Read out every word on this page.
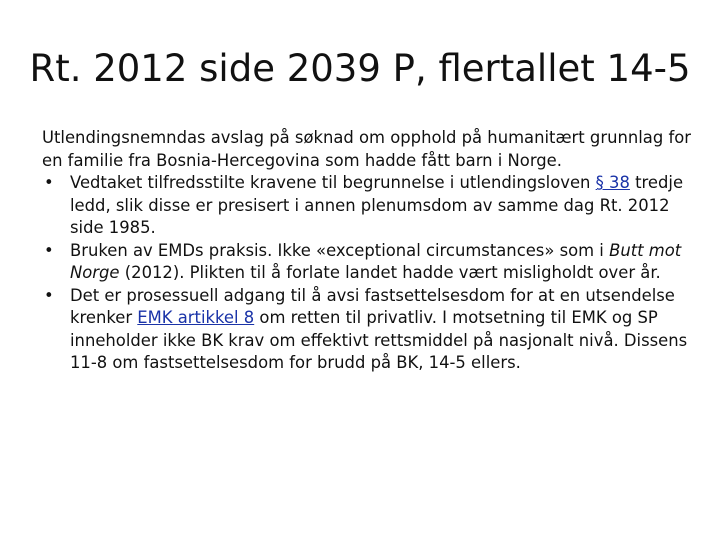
Rt. 2012 side 2039 P, flertallet 14-5

Utlendingsnemndas avslag på søknad om opphold på humanitært grunnlag for en familie fra Bosnia-Hercegovina som hadde fått barn i Norge.

• Vedtaket tilfredsstilte kravene til begrunnelse i utlendingsloven § 38 tredje ledd, slik disse er presisert i annen plenumsdom av samme dag Rt. 2012 side 1985.
• Bruken av EMDs praksis. Ikke «exceptional circumstances» som i Butt mot Norge (2012). Plikten til å forlate landet hadde vært misligholdt over år.
• Det er prosessuell adgang til å avsi fastsettelsesdom for at en utsendelse krenker EMK artikkel 8 om retten til privatliv. I motsetning til EMK og SP inneholder ikke BK krav om effektivt rettsmiddel på nasjonalt nivå. Dissens 11-8 om fastsettelsesdom for brudd på BK, 14-5 ellers.
